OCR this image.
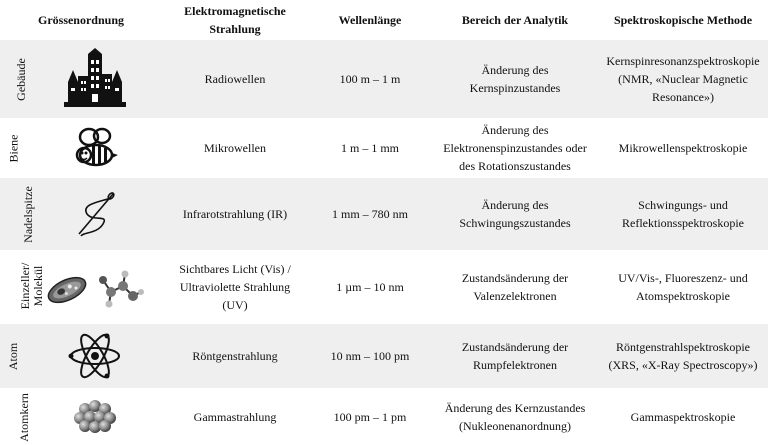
Grössenordnung		Elektromagnetische Strahlung	Wellenlänge	Bereich der Analytik	Spektroskopische Methode
Gebäude		Radiowellen	100 m – 1 m	Änderung des Kernspinzustandes	Kernspinresonanzspektroskopie (NMR, «Nuclear Magnetic Resonance»)
Biene		Mikrowellen	1 m – 1 mm	Änderung des Elektronenspinzustandes oder des Rotationszustandes	Mikrowellenspektroskopie
Nadelspitze		Infrarotstrahlung (IR)	1 mm – 780 nm	Änderung des Schwingungszustandes	Schwingungs- und Reflektionsspektroskopie
Einzeller/ Molekül		Sichtbares Licht (Vis) / Ultraviolette Strahlung (UV)	1 µm – 10 nm	Zustandsänderung der Valenzelektronen	UV/Vis-, Fluoreszenz- und Atomspektroskopie
Atom		Röntgenstrahlung	10 nm – 100 pm	Zustandsänderung der Rumpfelektronen	Röntgenstrahlspektroskopie (XRS, «X-Ray Spectroscopy»)
Atomkern		Gammastrahlung	100 pm – 1 pm	Änderung des Kernzustandes (Nukleonenanordnung)	Gammaspektroskopie
